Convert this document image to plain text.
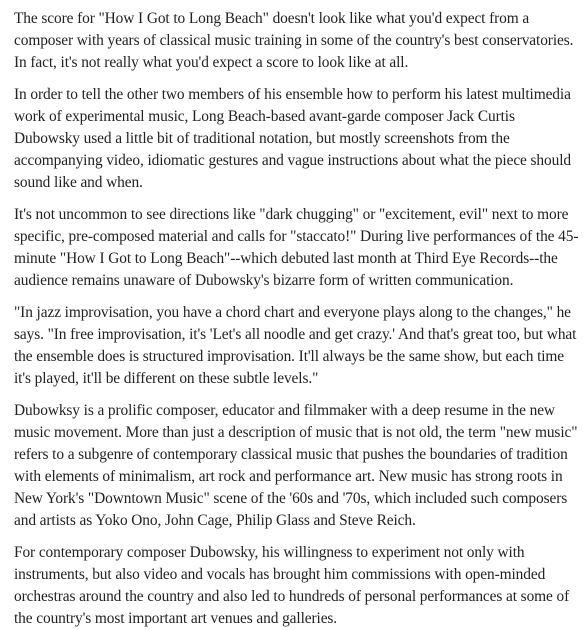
The score for "How I Got to Long Beach" doesn't look like what you'd expect from a composer with years of classical music training in some of the country's best conservatories. In fact, it's not really what you'd expect a score to look like at all.

In order to tell the other two members of his ensemble how to perform his latest multimedia work of experimental music, Long Beach-based avant-garde composer Jack Curtis Dubowsky used a little bit of traditional notation, but mostly screenshots from the accompanying video, idiomatic gestures and vague instructions about what the piece should sound like and when.

It's not uncommon to see directions like "dark chugging" or "excitement, evil" next to more specific, pre-composed material and calls for "staccato!" During live performances of the 45-minute "How I Got to Long Beach"--which debuted last month at Third Eye Records--the audience remains unaware of Dubowsky's bizarre form of written communication.

"In jazz improvisation, you have a chord chart and everyone plays along to the changes," he says. "In free improvisation, it's 'Let's all noodle and get crazy.' And that's great too, but what the ensemble does is structured improvisation. It'll always be the same show, but each time it's played, it'll be different on these subtle levels."

Dubowksy is a prolific composer, educator and filmmaker with a deep resume in the new music movement. More than just a description of music that is not old, the term "new music" refers to a subgenre of contemporary classical music that pushes the boundaries of tradition with elements of minimalism, art rock and performance art. New music has strong roots in New York's "Downtown Music" scene of the '60s and '70s, which included such composers and artists as Yoko Ono, John Cage, Philip Glass and Steve Reich.

For contemporary composer Dubowsky, his willingness to experiment not only with instruments, but also video and vocals has brought him commissions with open-minded orchestras around the country and also led to hundreds of personal performances at some of the country's most important art venues and galleries.
